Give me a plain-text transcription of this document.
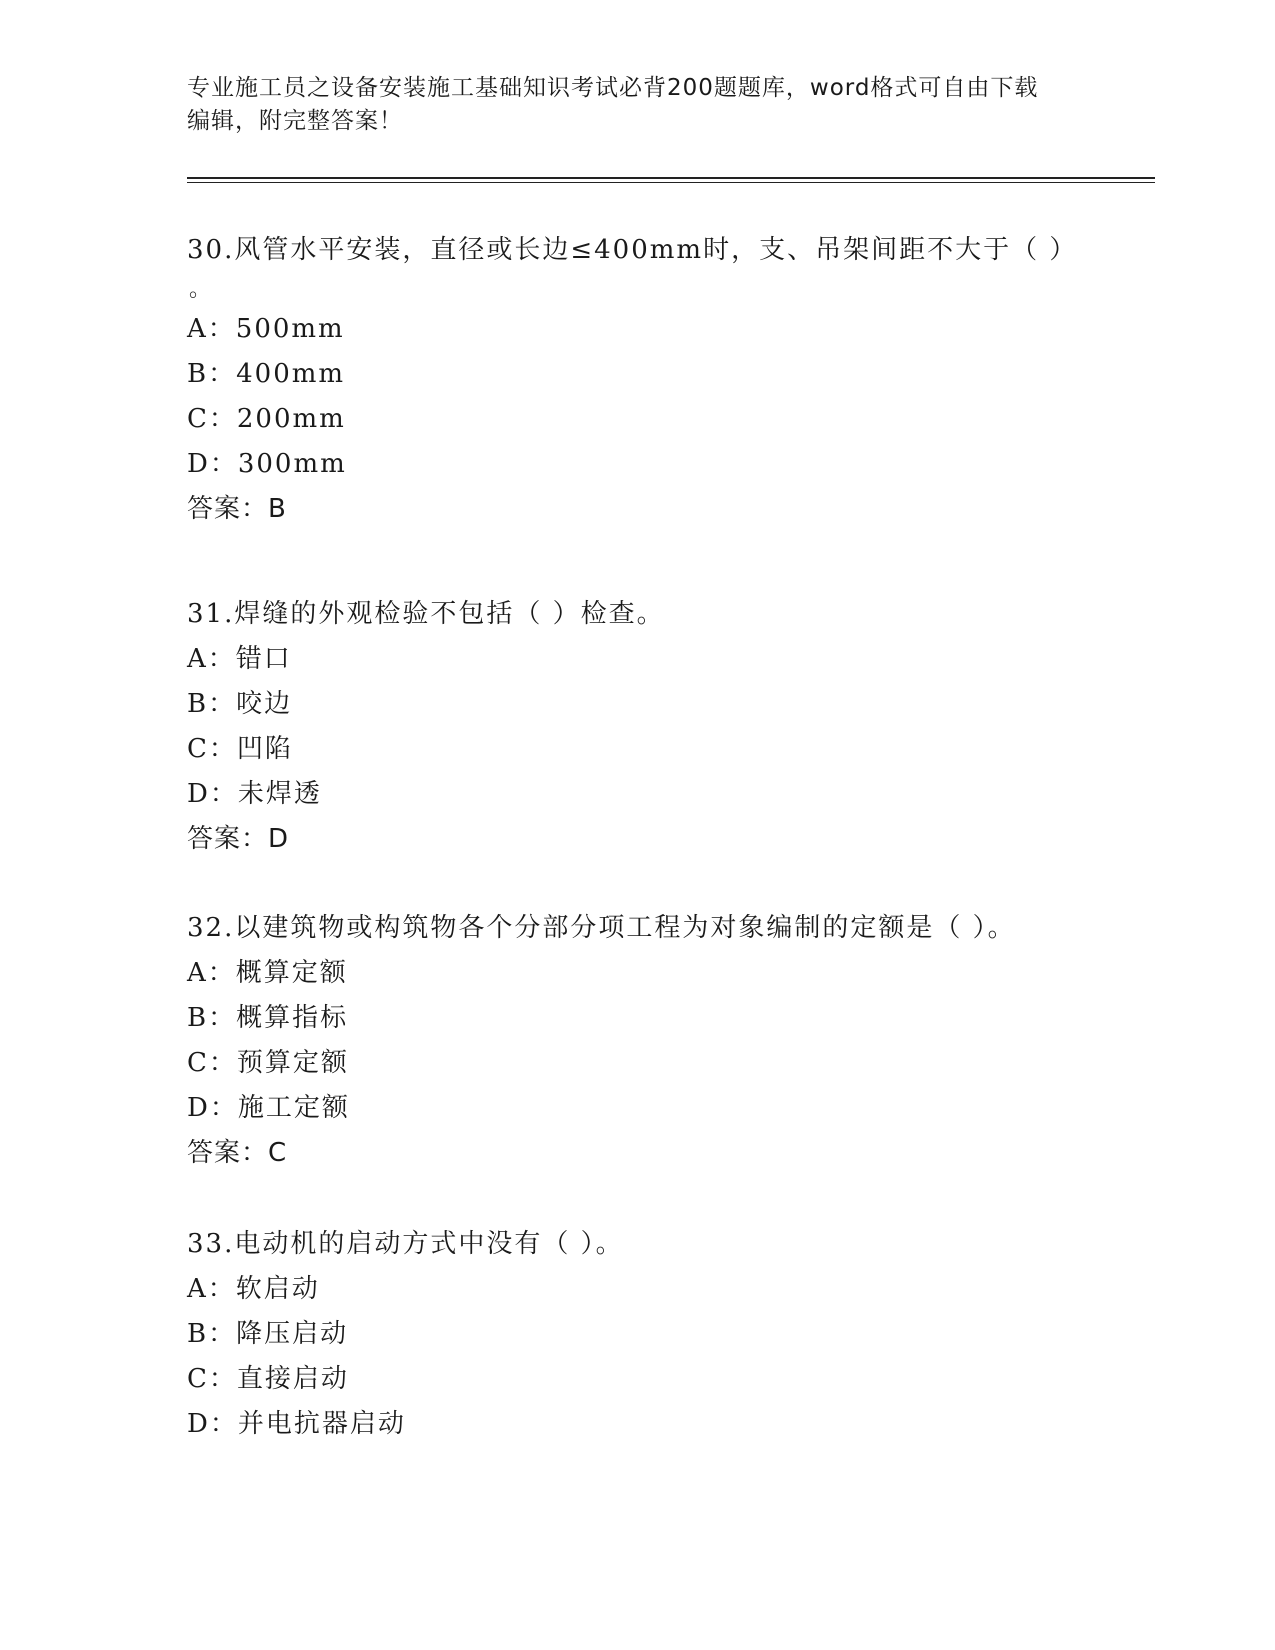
专业施工员之设备安装施工基础知识考试必背200题题库，word格式可自由下载
编辑，附完整答案！
30.风管水平安装，直径或长边≤400mm时，支、吊架间距不大于（ ）
。
A：500mm
B：400mm
C：200mm
D：300mm
答案：B
31.焊缝的外观检验不包括（ ）检查。
A：错口
B：咬边
C：凹陷
D：未焊透
答案：D
32.以建筑物或构筑物各个分部分项工程为对象编制的定额是（ ）。
A：概算定额
B：概算指标
C：预算定额
D：施工定额
答案：C
33.电动机的启动方式中没有（ ）。
A：软启动
B：降压启动
C：直接启动
D：并电抗器启动
